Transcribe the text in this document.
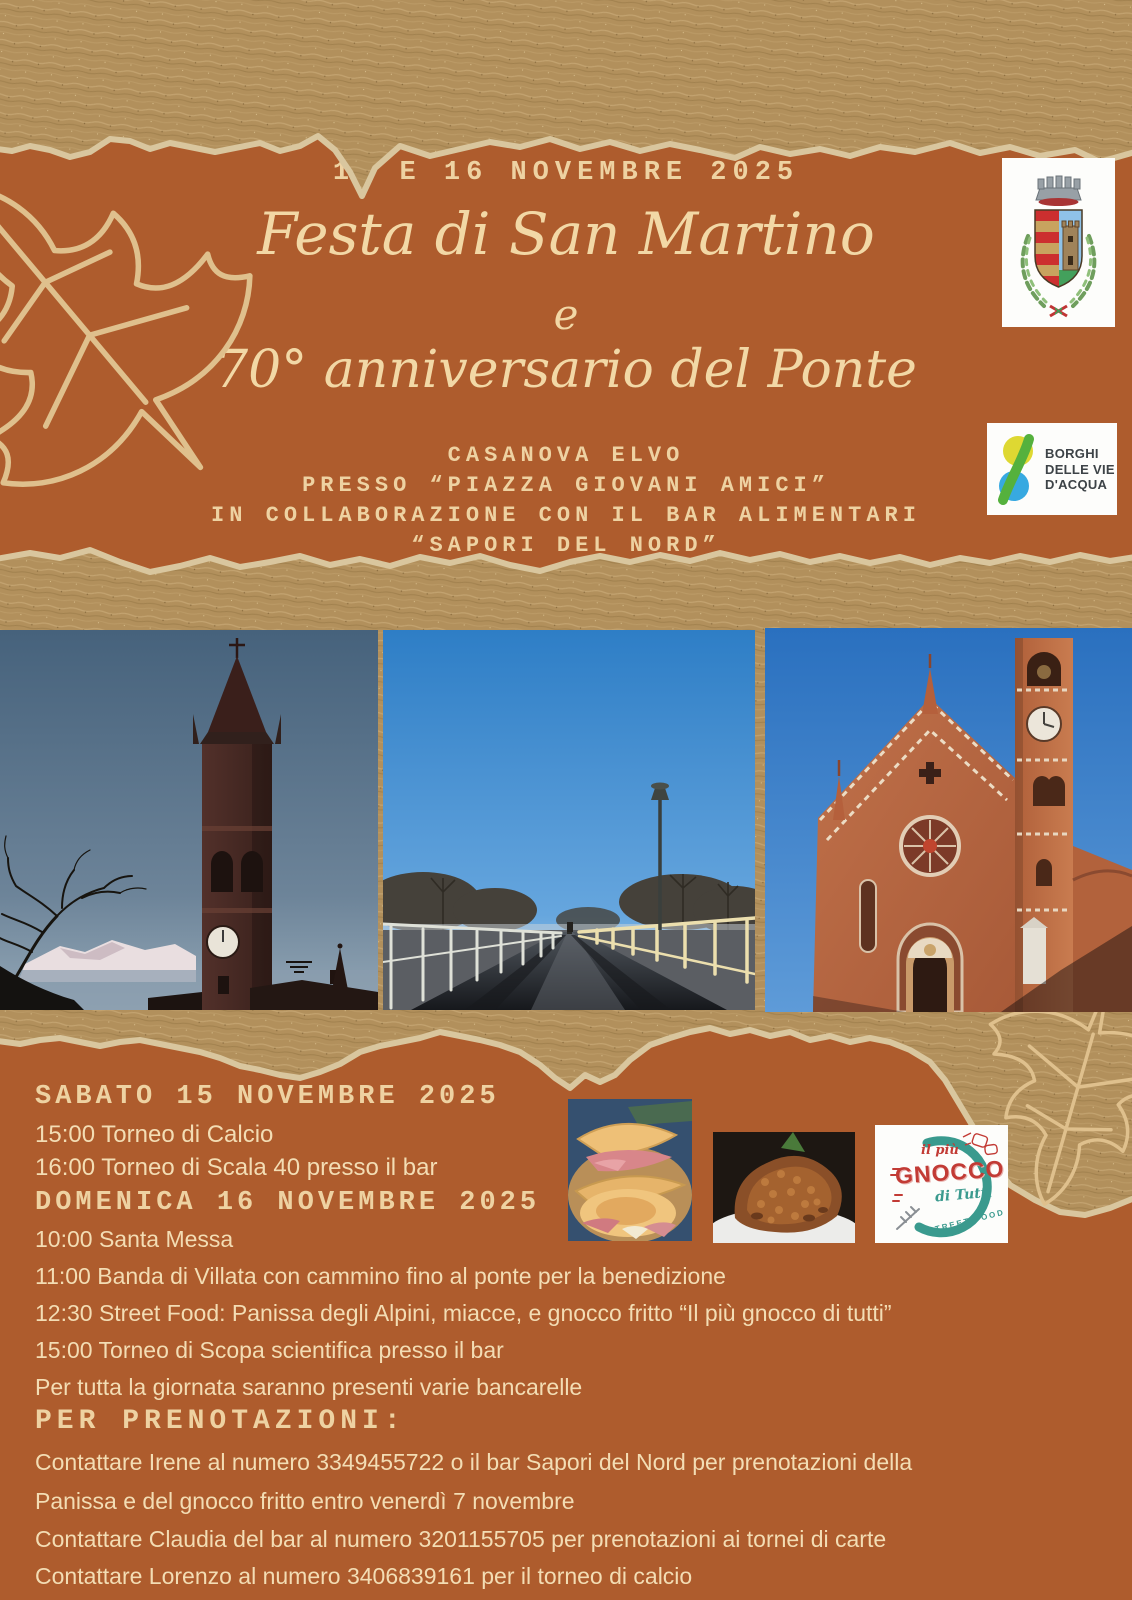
BORGHI
DELLE VIE
D'ACQUA
15 E 16 NOVEMBRE 2025
Festa di San Martino
e
70° anniversario del Ponte
CASANOVA ELVO
PRESSO “PIAZZA GIOVANI AMICI”
IN COLLABORAZIONE CON IL BAR ALIMENTARI
“SAPORI DEL NORD”
SABATO 15 NOVEMBRE 2025
15:00 Torneo di Calcio
16:00 Torneo di Scala 40 presso il bar
DOMENICA 16 NOVEMBRE 2025
10:00 Santa Messa
11:00 Banda di Villata con cammino fino al ponte per la benedizione
12:30 Street Food: Panissa degli Alpini, miacce, e gnocco fritto “Il più gnocco di tutti”
15:00 Torneo di Scopa scientifica presso il bar
Per tutta la giornata saranno presenti varie bancarelle
il più
GNOCCO
di Tutti
STREET FOOD
PER PRENOTAZIONI:
Contattare Irene al numero 3349455722 o il bar Sapori del Nord per prenotazioni della
Panissa e del gnocco fritto entro venerdì 7 novembre
Contattare Claudia del bar al numero 3201155705 per prenotazioni ai tornei di carte
Contattare Lorenzo al numero 3406839161 per il torneo di calcio
